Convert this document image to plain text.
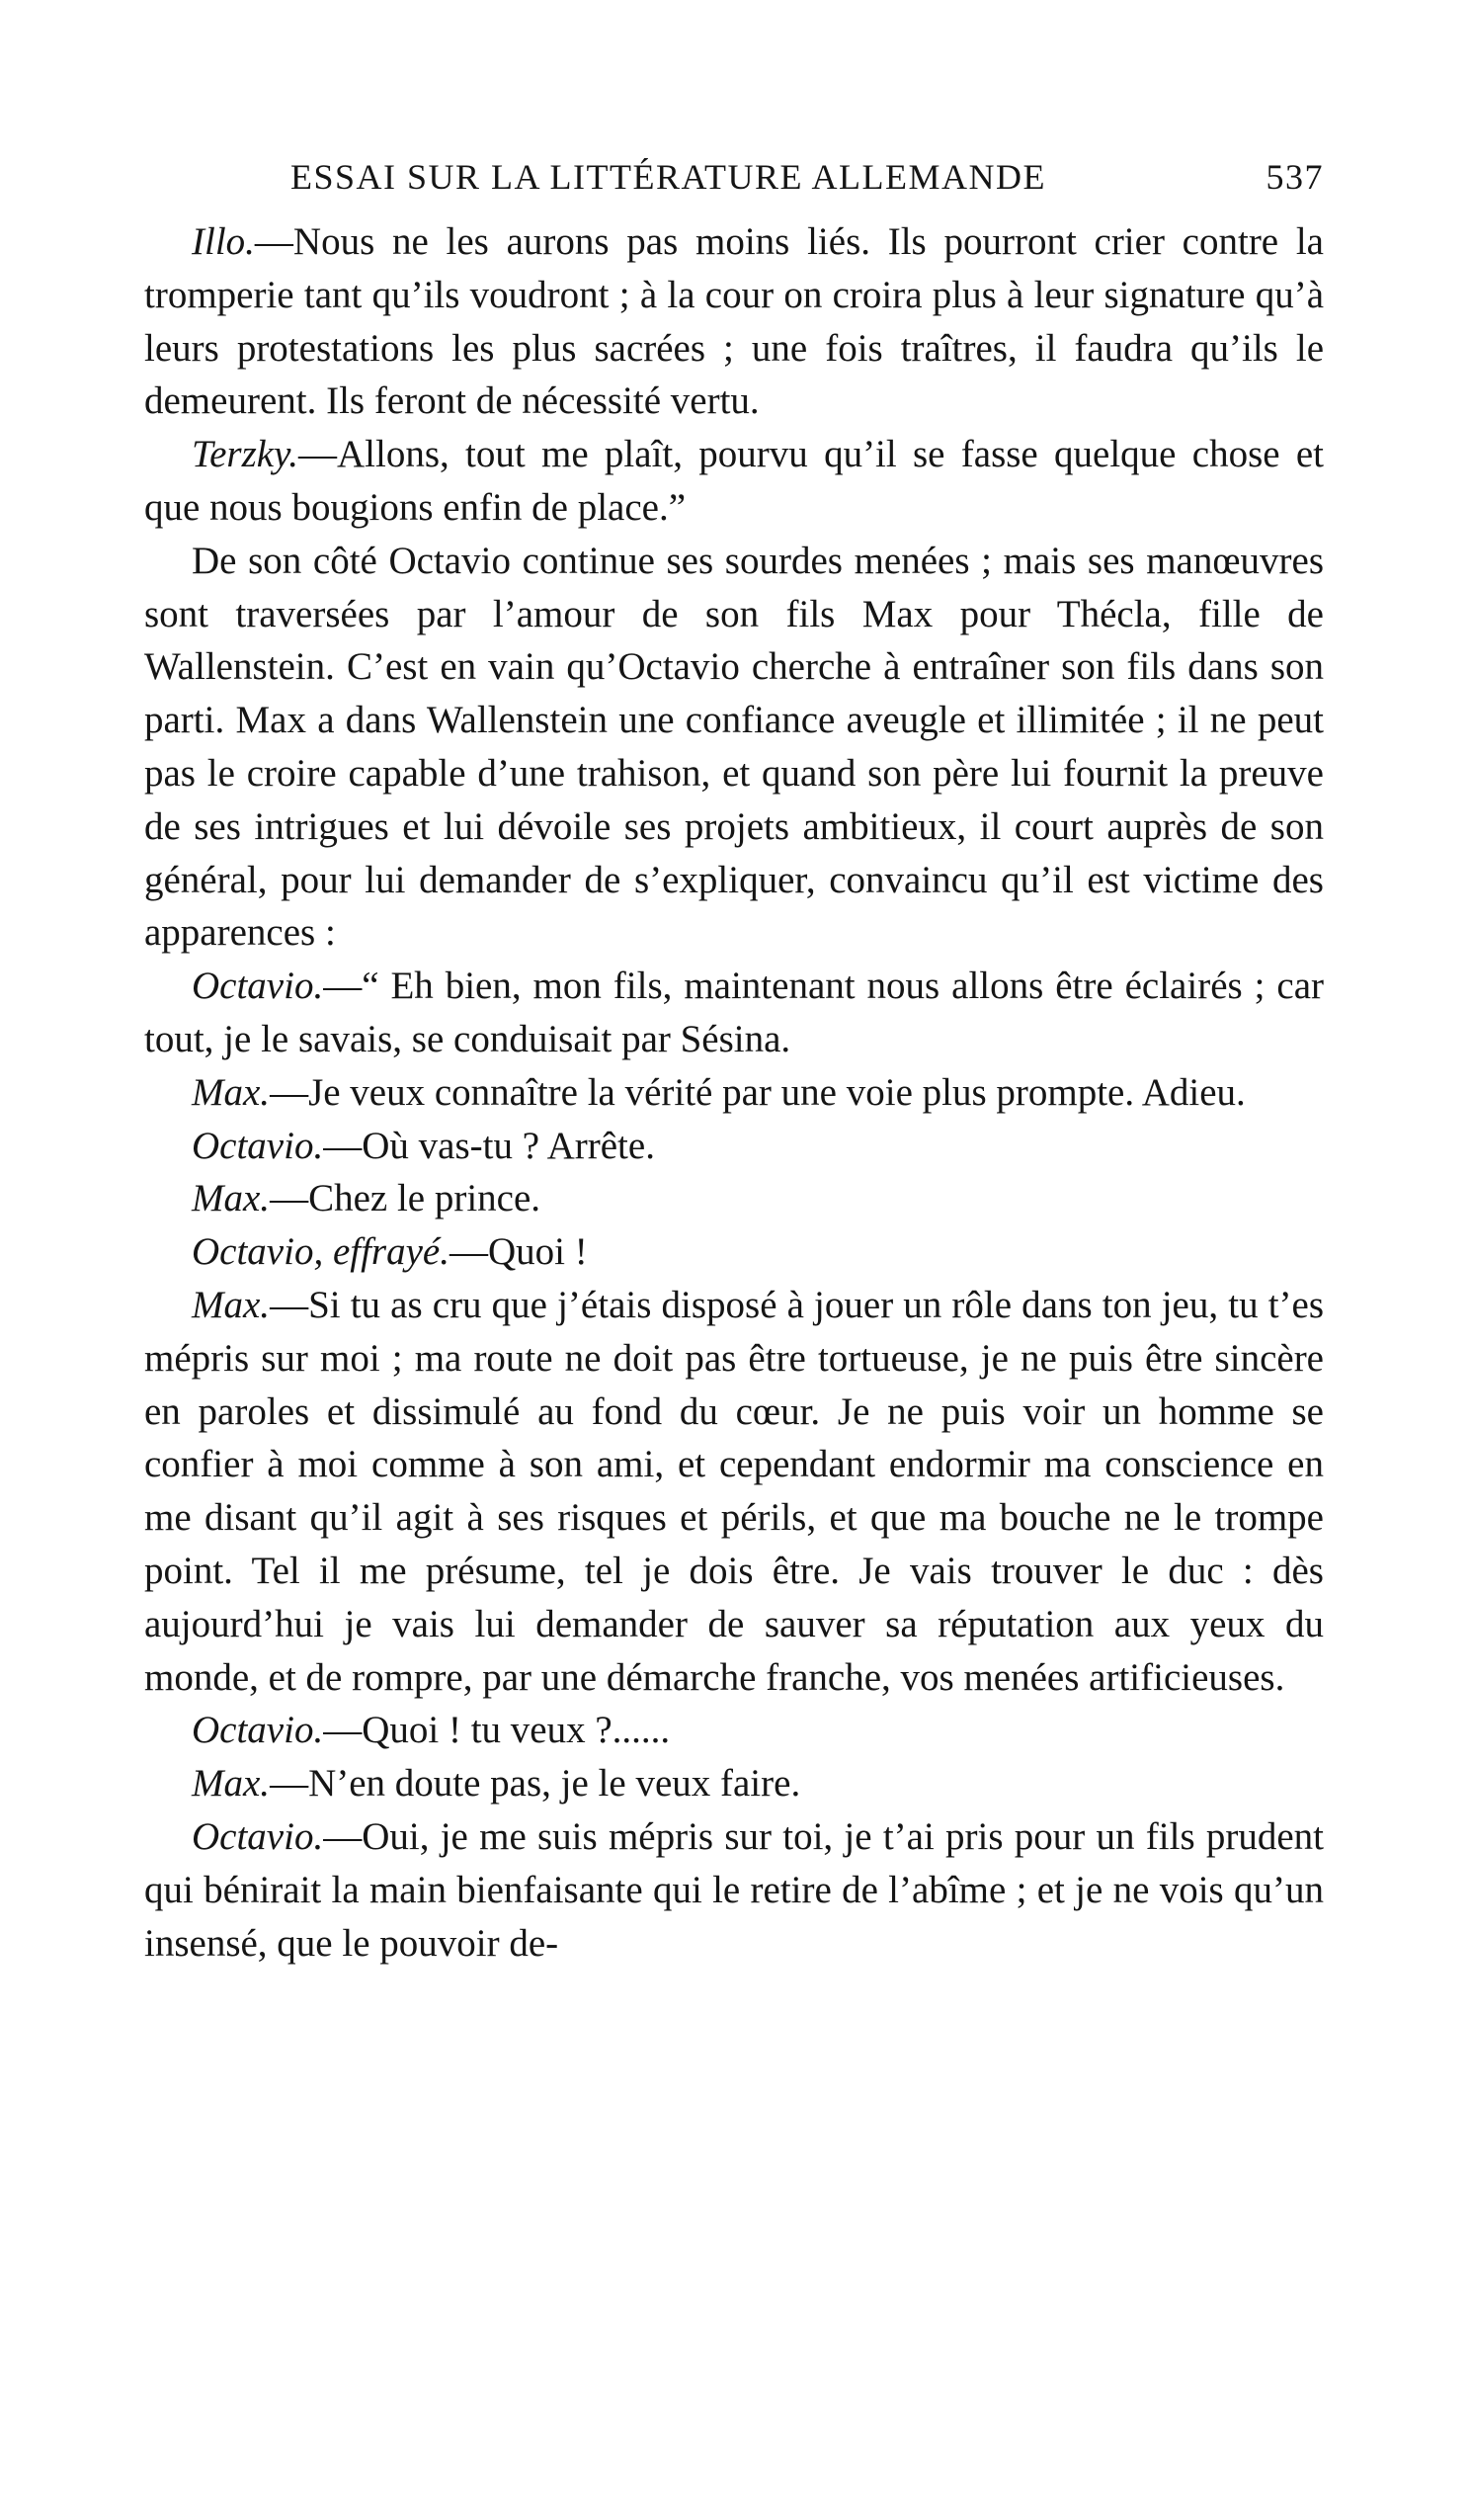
ESSAI SUR LA LITTÉRATURE ALLEMANDE	537

Illo.—Nous ne les aurons pas moins liés. Ils pourront crier contre la tromperie tant qu’ils voudront ; à la cour on croira plus à leur signature qu’à leurs protestations les plus sacrées ; une fois traîtres, il faudra qu’ils le demeurent. Ils feront de nécessité vertu.

Terzky.—Allons, tout me plaît, pourvu qu’il se fasse quelque chose et que nous bougions enfin de place.”

De son côté Octavio continue ses sourdes menées ; mais ses manœuvres sont traversées par l’amour de son fils Max pour Thécla, fille de Wallenstein. C’est en vain qu’Octavio cherche à entraîner son fils dans son parti. Max a dans Wallenstein une confiance aveugle et illimitée ; il ne peut pas le croire capable d’une trahison, et quand son père lui fournit la preuve de ses intrigues et lui dévoile ses projets ambitieux, il court auprès de son général, pour lui demander de s’expliquer, convaincu qu’il est victime des apparences :

Octavio.—“ Eh bien, mon fils, maintenant nous allons être éclairés ; car tout, je le savais, se conduisait par Sésina.

Max.—Je veux connaître la vérité par une voie plus prompte. Adieu.

Octavio.—Où vas-tu ? Arrête.

Max.—Chez le prince.

Octavio, effrayé.—Quoi !

Max.—Si tu as cru que j’étais disposé à jouer un rôle dans ton jeu, tu t’es mépris sur moi ; ma route ne doit pas être tortueuse, je ne puis être sincère en paroles et dissimulé au fond du cœur. Je ne puis voir un homme se confier à moi comme à son ami, et cependant endormir ma conscience en me disant qu’il agit à ses risques et périls, et que ma bouche ne le trompe point. Tel il me présume, tel je dois être. Je vais trouver le duc : dès aujourd’hui je vais lui demander de sauver sa réputation aux yeux du monde, et de rompre, par une démarche franche, vos menées artificieuses.

Octavio.—Quoi ! tu veux ?......

Max.—N’en doute pas, je le veux faire.

Octavio.—Oui, je me suis mépris sur toi, je t’ai pris pour un fils prudent qui bénirait la main bienfaisante qui le retire de l’abîme ; et je ne vois qu’un insensé, que le pouvoir de-
